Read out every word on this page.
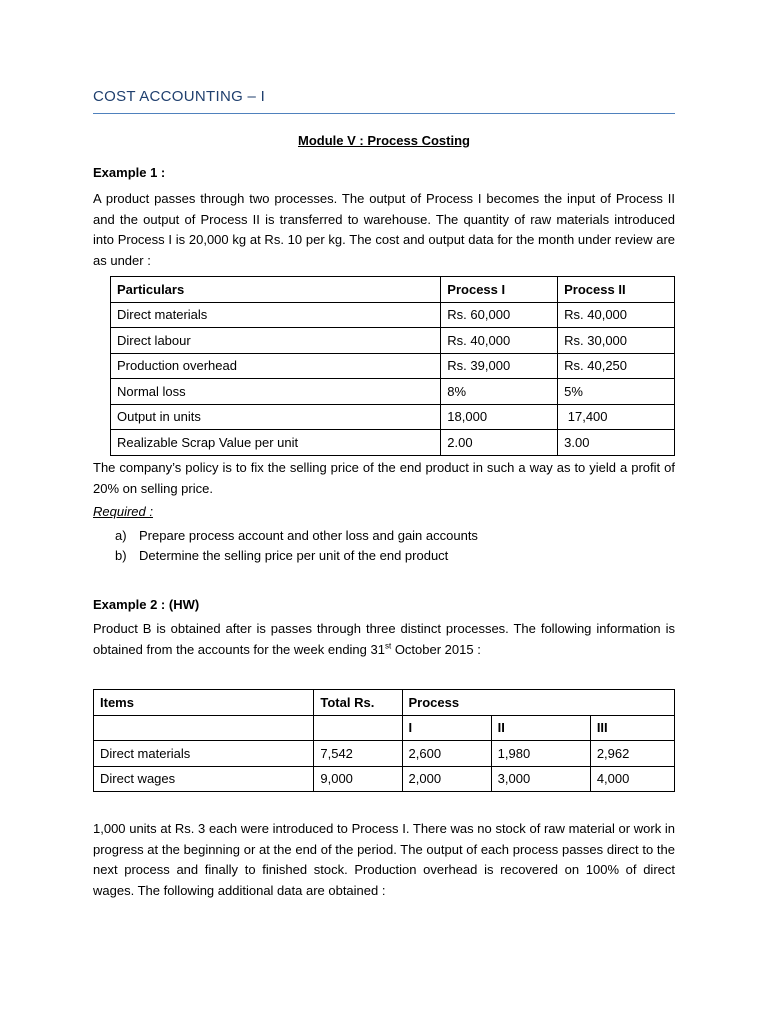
COST ACCOUNTING – I
Module V : Process Costing
Example 1 :
A product passes through two processes. The output of Process I becomes the input of Process II and the output of Process II is transferred to warehouse. The quantity of raw materials introduced into Process I is 20,000 kg at Rs. 10 per kg. The cost and output data for the month under review are as under :
Particulars	Process I	Process II
Direct materials	Rs. 60,000	Rs. 40,000
Direct labour	Rs. 40,000	Rs. 30,000
Production overhead	Rs. 39,000	Rs. 40,250
Normal loss	8%	5%
Output in units	18,000	17,400
Realizable Scrap Value per unit	2.00	3.00
The company’s policy is to fix the selling price of the end product in such a way as to yield a profit of 20% on selling price.
Required :
a) Prepare process account and other loss and gain accounts
b) Determine the selling price per unit of the end product
Example 2 : (HW)
Product B is obtained after is passes through three distinct processes. The following information is obtained from the accounts for the week ending 31st October 2015 :
Items	Total Rs.	Process		
		I	II	III
Direct materials	7,542	2,600	1,980	2,962
Direct wages	9,000	2,000	3,000	4,000
1,000 units at Rs. 3 each were introduced to Process I. There was no stock of raw material or work in progress at the beginning or at the end of the period. The output of each process passes direct to the next process and finally to finished stock. Production overhead is recovered on 100% of direct wages. The following additional data are obtained :
